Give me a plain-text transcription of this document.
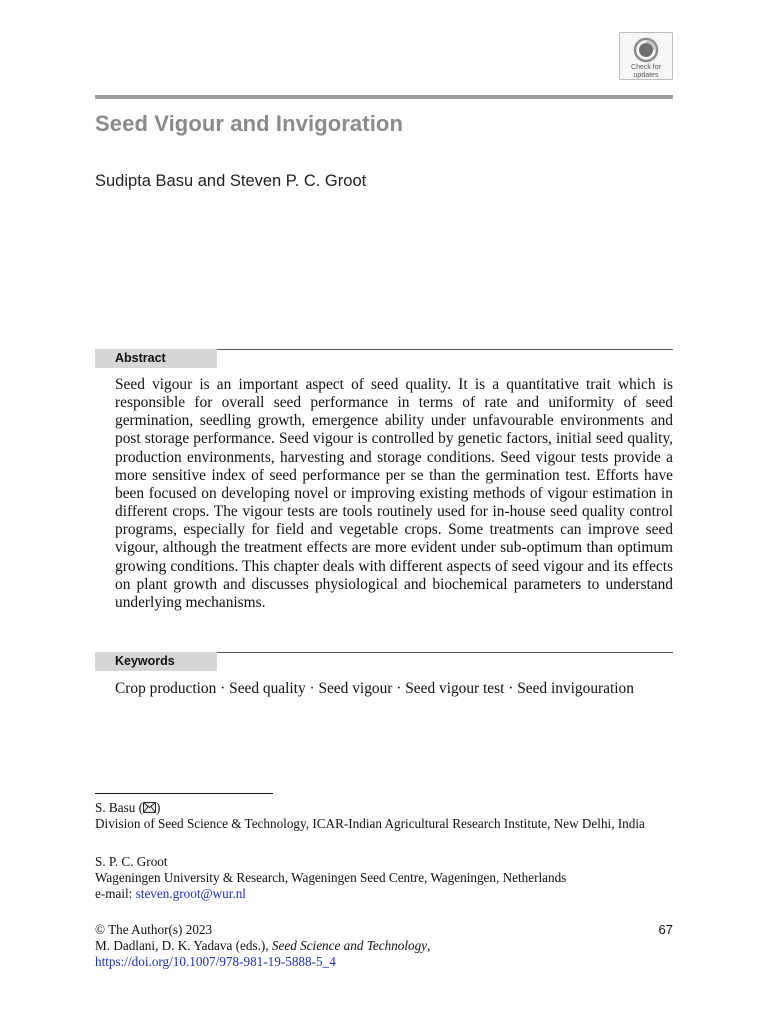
Check for
updates
Seed Vigour and Invigoration
Sudipta Basu and Steven P. C. Groot
Abstract

Seed vigour is an important aspect of seed quality. It is a quantitative trait which is responsible for overall seed performance in terms of rate and uniformity of seed germination, seedling growth, emergence ability under unfavourable environments and post storage performance. Seed vigour is controlled by genetic factors, initial seed quality, production environments, harvesting and storage conditions. Seed vigour tests provide a more sensitive index of seed performance per se than the germination test. Efforts have been focused on developing novel or improving existing methods of vigour estimation in different crops. The vigour tests are tools routinely used for in-house seed quality control programs, especially for field and vegetable crops. Some treatments can improve seed vigour, although the treatment effects are more evident under sub-optimum than optimum growing conditions. This chapter deals with different aspects of seed vigour and its effects on plant growth and discusses physiological and biochemical parameters to understand underlying mechanisms.

Keywords

Crop production · Seed quality · Seed vigour · Seed vigour test · Seed invigouration

S. Basu ( )
Division of Seed Science & Technology, ICAR-Indian Agricultural Research Institute, New Delhi, India
S. P. C. Groot
Wageningen University & Research, Wageningen Seed Centre, Wageningen, Netherlands
e-mail: steven.groot@wur.nl
© The Author(s) 2023
M. Dadlani, D. K. Yadava (eds.), Seed Science and Technology,
https://doi.org/10.1007/978-981-19-5888-5_4
67
